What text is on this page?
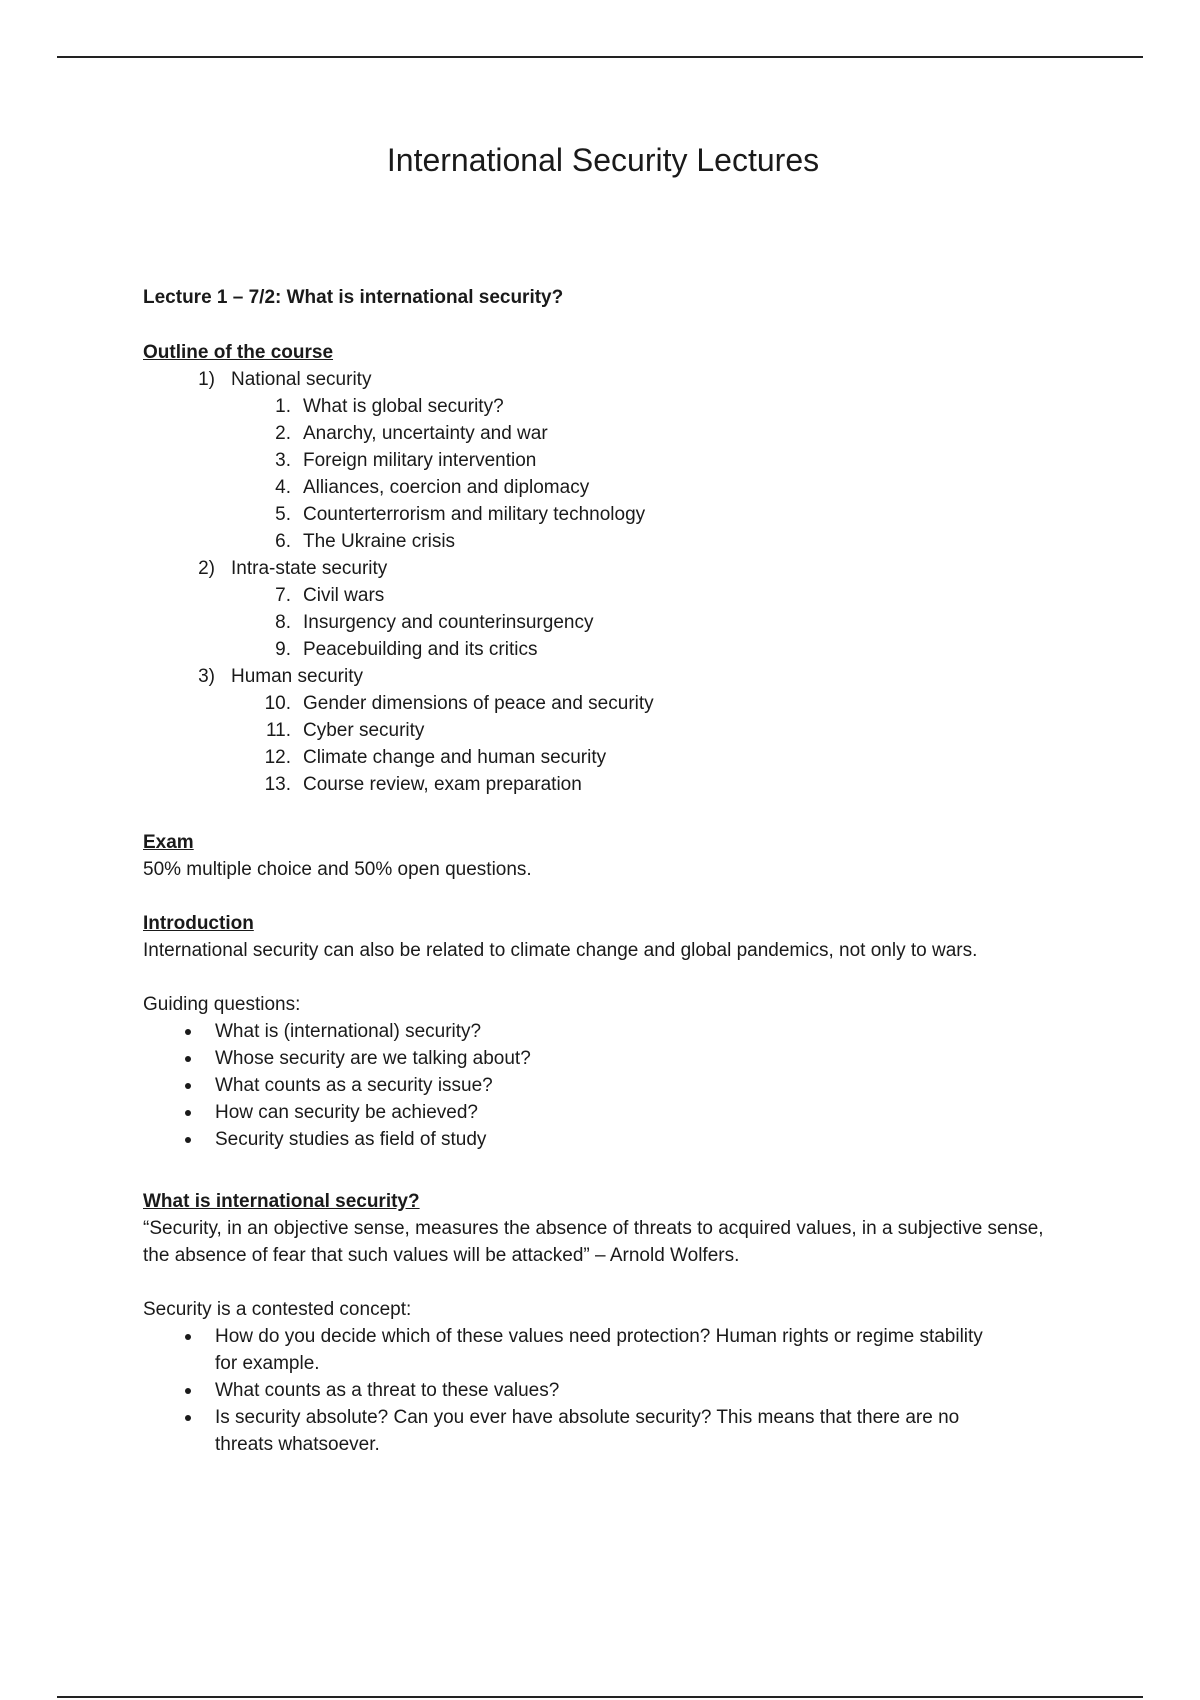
International Security Lectures

Lecture 1 – 7/2: What is international security?

Outline of the course

1) National security
1. What is global security?
2. Anarchy, uncertainty and war
3. Foreign military intervention
4. Alliances, coercion and diplomacy
5. Counterterrorism and military technology
6. The Ukraine crisis
2) Intra-state security
7. Civil wars
8. Insurgency and counterinsurgency
9. Peacebuilding and its critics
3) Human security
10. Gender dimensions of peace and security
11. Cyber security
12. Climate change and human security
13. Course review, exam preparation

Exam

50% multiple choice and 50% open questions.

Introduction

International security can also be related to climate change and global pandemics, not only to wars.

Guiding questions:

What is (international) security?
Whose security are we talking about?
What counts as a security issue?
How can security be achieved?
Security studies as field of study

What is international security?

“Security, in an objective sense, measures the absence of threats to acquired values, in a subjective sense, the absence of fear that such values will be attacked” – Arnold Wolfers.

Security is a contested concept:

How do you decide which of these values need protection? Human rights or regime stability for example.
What counts as a threat to these values?
Is security absolute? Can you ever have absolute security? This means that there are no threats whatsoever.
